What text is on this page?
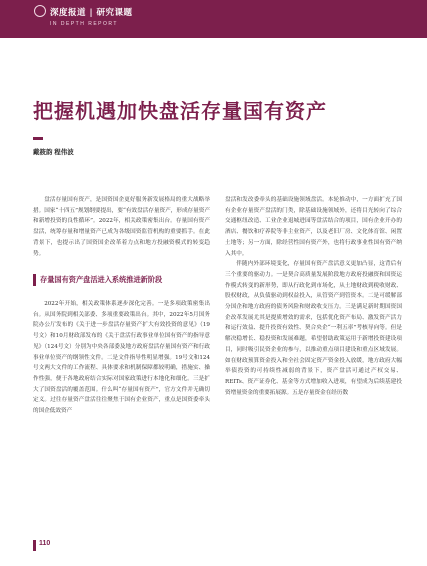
深度报道 | 研究课题
IN DEPTH REPORT
把握机遇加快盘活存量国有资产
戴筱韵 程伟波

盘活存量国有资产，是国资国企更好服务新发展格局的重大战略举措。国家“十四五”规划纲要提出，要“有效盘活存量资产，形成存量资产和新增投资的良性循环”。2022年，相关政策密集出台。存量国有资产盘活，统筹存量和增量资产已成为各级国资监管机构的重要抓手。在此背景下，也提示出了国资国企改革着力点和地方投融资模式的转变趋势。

存量国有资产盘活进入系统推进新阶段

2022年开始，相关政策体系逐步深化完善。一是多项政策密集出台。从国务院到相关部委、多项重要政策出台。其中，2022年5月国务院办公厅发布的《关于进一步盘活存量资产扩大有效投资的意见》（19号文）和10月财政部发布的《关于盘活行政事业单位国有资产的指导意见》（124号文）分别为中央各部委及地方政府盘活存量国有资产和行政事业单位资产的纲领性文件。二是文件指导性明显增强。19号文和124号文两大文件的工作流程、具体要求和机制保障都较明确，措施实、操作性强，便于各地政府结合实际对国家政策进行本地化和细化。三是扩大了国资盘活的覆盖范围。什么叫“存量国有资产”，官方文件并无确切定义。过往存量资产盘活往往聚焦于国有企业资产，重点是国资委牵头的国企低效资产

盘活和发改委牵头的基础设施领域盘活。本轮推动中，一方面扩充了国有企业存量资产盘活的门类，除基础设施领域外，还将目光转向了综合交通枢纽改造、工业企业退城进园等盘活结合的项目，国有企业开办的酒店、餐饮和疗养院等非主业资产，以及老旧厂房、文化体育馆、闲置土地等；另一方面，除经营性国有资产外，也将行政事业性国有资产纳入其中。

伴随内外部环境变化，存量国有资产盘活意义更加凸显，这背后有三个重要的驱动力。一是契合高质量发展阶段地方政府投融资和国资运作模式转变的新形势，即从行政化到市场化，从土地财政到税收财政、股权财政，从负债驱动到权益投入，从管资产到管资本。二是可缓解部分国企和地方政府的债务风险和财政收支压力。三是满足新时期国资国企改革发展尤其是提质增效的需求，包括优化资产布局、激发资产活力和运行效益、提升投资有效性、契合央企“一利五率”考核导向等。但是解决稳增长、稳投资和发展难题，希望借助政策运用于新增投资建设项目，同时吸引民资企业的参与，以推动重点项目建设和重点区域发展。如在财政预算资金投入和全社会固定资产资金投入放缓，地方政府大幅举债投资的可持续性减弱的背景下，资产盘活可通过产权交易、REITs、资产证券化、基金等方式增加收入进项，有望成为后续基建投资增量资金的重要拓展源。五是存量资金在经历数

110
